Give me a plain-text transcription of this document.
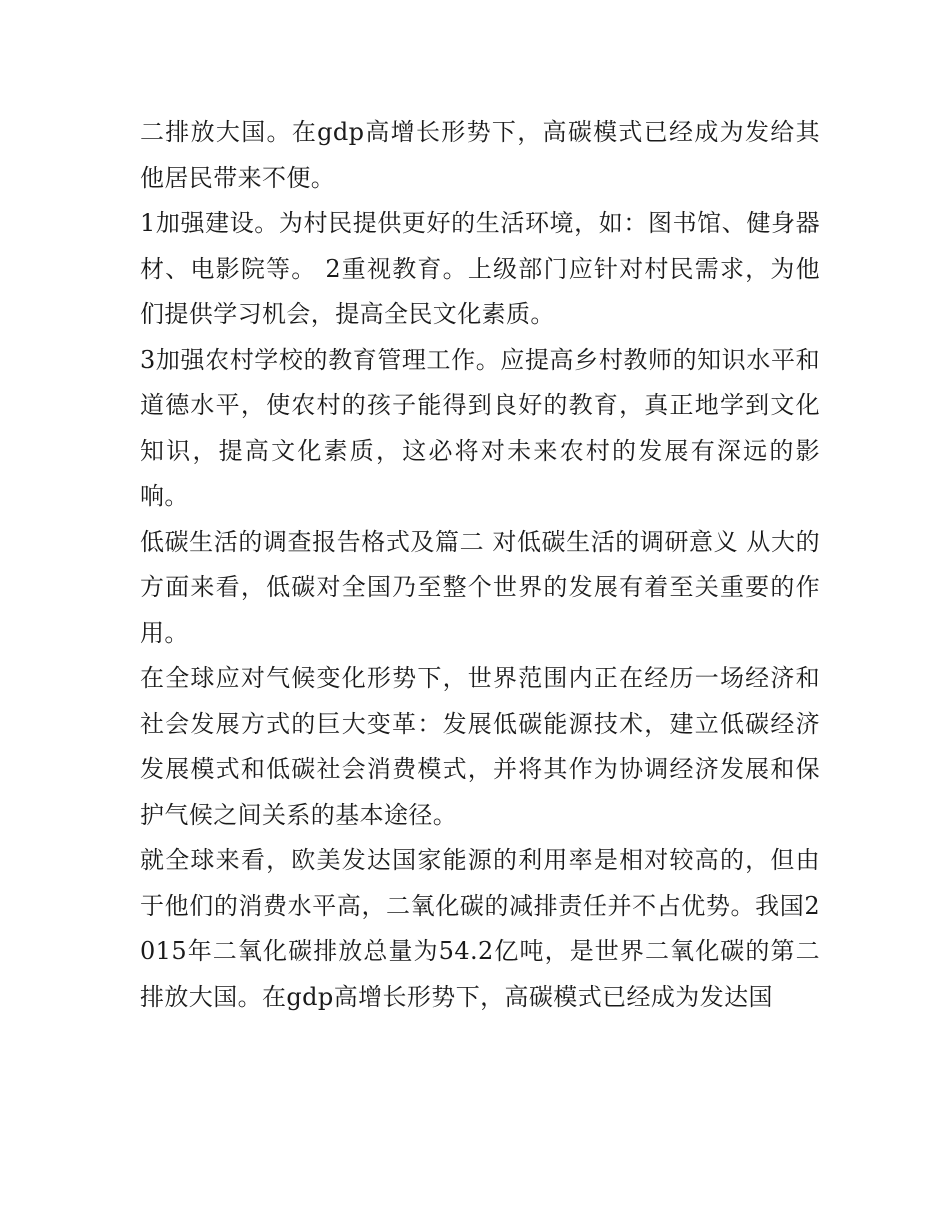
二排放大国。在gdp高增长形势下，高碳模式已经成为发给其他居民带来不便。

1加强建设。为村民提供更好的生活环境，如：图书馆、健身器材、电影院等。 2重视教育。上级部门应针对村民需求，为他们提供学习机会，提高全民文化素质。

3加强农村学校的教育管理工作。应提高乡村教师的知识水平和道德水平，使农村的孩子能得到良好的教育，真正地学到文化知识，提高文化素质，这必将对未来农村的发展有深远的影响。

低碳生活的调查报告格式及篇二 对低碳生活的调研意义 从大的方面来看，低碳对全国乃至整个世界的发展有着至关重要的作用。

在全球应对气候变化形势下，世界范围内正在经历一场经济和社会发展方式的巨大变革：发展低碳能源技术，建立低碳经济发展模式和低碳社会消费模式，并将其作为协调经济发展和保护气候之间关系的基本途径。

就全球来看，欧美发达国家能源的利用率是相对较高的，但由于他们的消费水平高，二氧化碳的减排责任并不占优势。我国2015年二氧化碳排放总量为54.2亿吨，是世界二氧化碳的第二排放大国。在gdp高增长形势下，高碳模式已经成为发达国
